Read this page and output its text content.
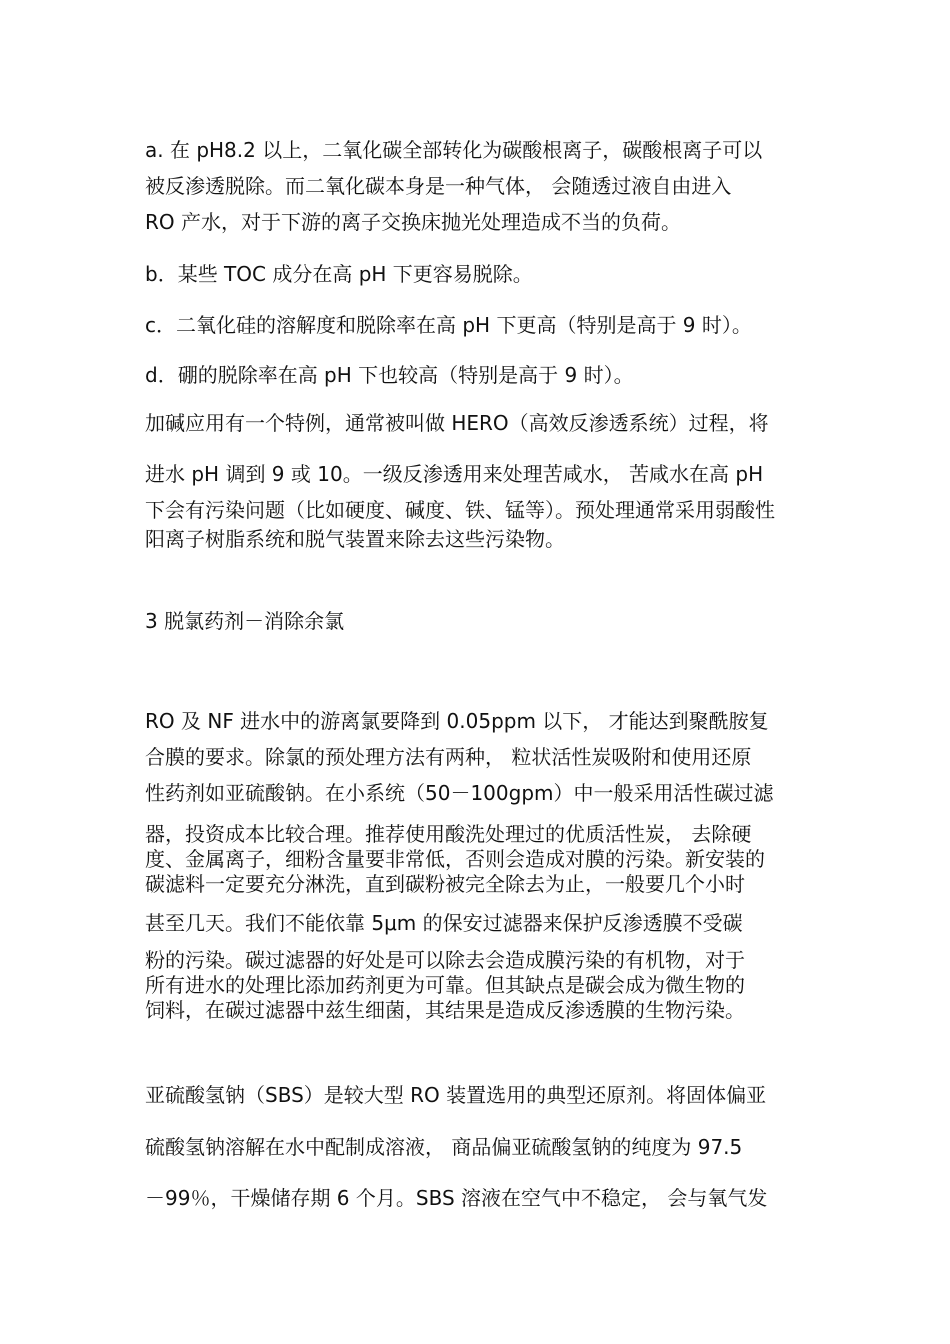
a. 在 pH8.2 以上，二氧化碳全部转化为碳酸根离子，碳酸根离子可以
被反渗透脱除。而二氧化碳本身是一种气体， 会随透过液自由进入
RO 产水，对于下游的离子交换床抛光处理造成不当的负荷。
b．某些 TOC 成分在高 pH 下更容易脱除。
c．二氧化硅的溶解度和脱除率在高 pH 下更高（特别是高于 9 时）。
d．硼的脱除率在高 pH 下也较高（特别是高于 9 时）。
加碱应用有一个特例，通常被叫做 HERO（高效反渗透系统）过程，将
进水 pH 调到 9 或 10。一级反渗透用来处理苦咸水， 苦咸水在高 pH
下会有污染问题（比如硬度、碱度、铁、锰等）。预处理通常采用弱酸性
阳离子树脂系统和脱气装置来除去这些污染物。
3 脱氯药剂－消除余氯
RO 及 NF 进水中的游离氯要降到 0.05ppm 以下， 才能达到聚酰胺复
合膜的要求。除氯的预处理方法有两种， 粒状活性炭吸附和使用还原
性药剂如亚硫酸钠。在小系统（50－100gpm）中一般采用活性碳过滤
器，投资成本比较合理。推荐使用酸洗处理过的优质活性炭， 去除硬
度、金属离子，细粉含量要非常低，否则会造成对膜的污染。新安装的
碳滤料一定要充分淋洗，直到碳粉被完全除去为止，一般要几个小时
甚至几天。我们不能依靠 5μm 的保安过滤器来保护反渗透膜不受碳
粉的污染。碳过滤器的好处是可以除去会造成膜污染的有机物，对于
所有进水的处理比添加药剂更为可靠。但其缺点是碳会成为微生物的
饲料，在碳过滤器中兹生细菌，其结果是造成反渗透膜的生物污染。
亚硫酸氢钠（SBS）是较大型 RO 装置选用的典型还原剂。将固体偏亚
硫酸氢钠溶解在水中配制成溶液， 商品偏亚硫酸氢钠的纯度为 97.5
－99％，干燥储存期 6 个月。SBS 溶液在空气中不稳定， 会与氧气发
